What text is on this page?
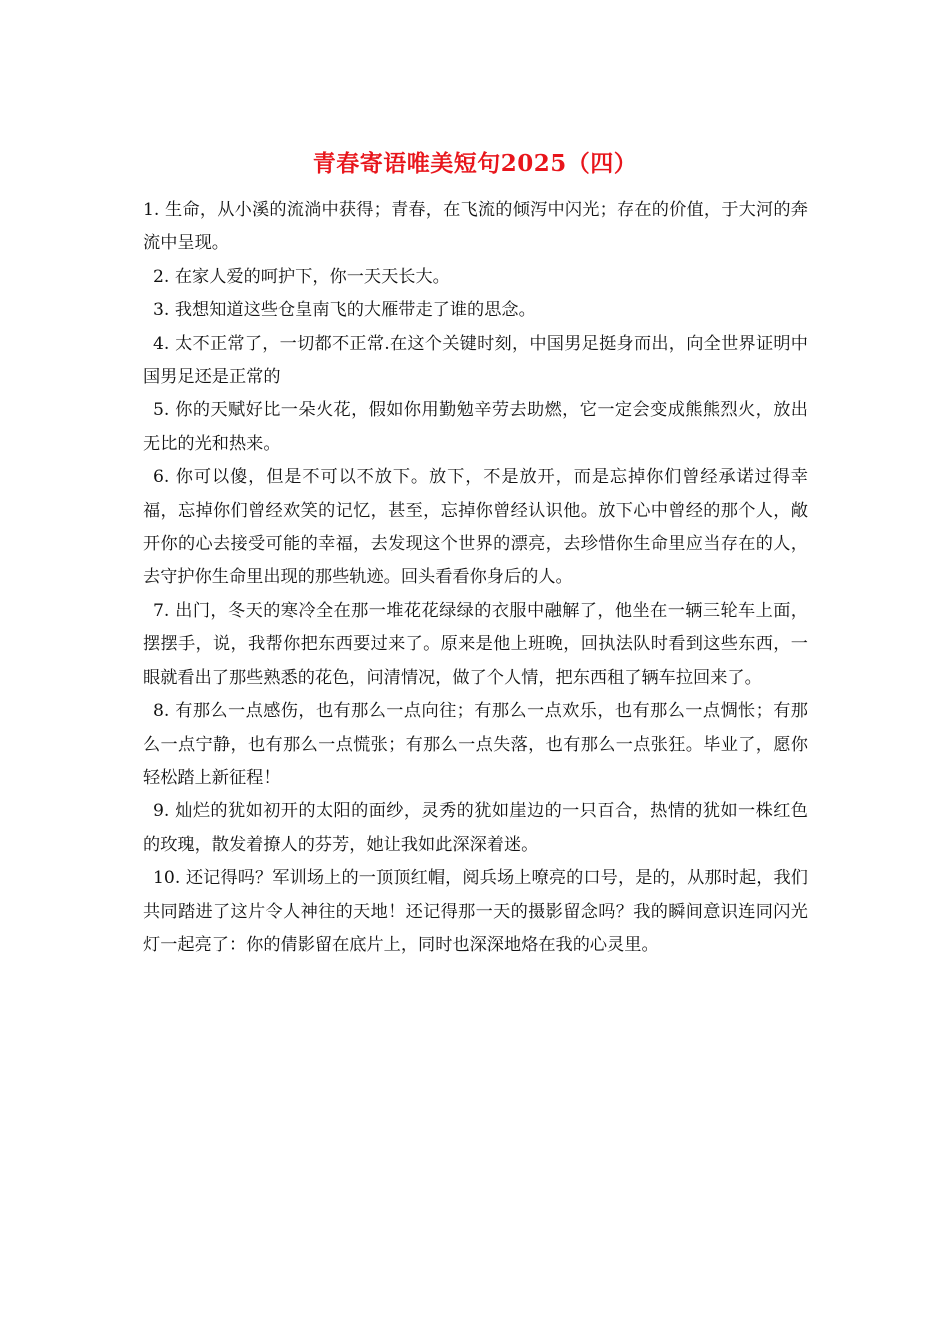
青春寄语唯美短句2025（四）

1. 生命，从小溪的流淌中获得；青春，在飞流的倾泻中闪光；存在的价值，于大河的奔流中呈现。

2. 在家人爱的呵护下，你一天天长大。

3. 我想知道这些仓皇南飞的大雁带走了谁的思念。

4. 太不正常了，一切都不正常.在这个关键时刻，中国男足挺身而出，向全世界证明中国男足还是正常的

5. 你的天赋好比一朵火花，假如你用勤勉辛劳去助燃，它一定会变成熊熊烈火，放出无比的光和热来。

6. 你可以傻，但是不可以不放下。放下，不是放开，而是忘掉你们曾经承诺过得幸福，忘掉你们曾经欢笑的记忆，甚至，忘掉你曾经认识他。放下心中曾经的那个人，敞开你的心去接受可能的幸福，去发现这个世界的漂亮，去珍惜你生命里应当存在的人，去守护你生命里出现的那些轨迹。回头看看你身后的人。

7. 出门，冬天的寒冷全在那一堆花花绿绿的衣服中融解了，他坐在一辆三轮车上面，摆摆手，说，我帮你把东西要过来了。原来是他上班晚，回执法队时看到这些东西，一眼就看出了那些熟悉的花色，问清情况，做了个人情，把东西租了辆车拉回来了。

8. 有那么一点感伤，也有那么一点向往；有那么一点欢乐，也有那么一点惆怅；有那么一点宁静，也有那么一点慌张；有那么一点失落，也有那么一点张狂。毕业了，愿你轻松踏上新征程！

9. 灿烂的犹如初开的太阳的面纱，灵秀的犹如崖边的一只百合，热情的犹如一株红色的玫瑰，散发着撩人的芬芳，她让我如此深深着迷。

10. 还记得吗？军训场上的一顶顶红帽，阅兵场上嘹亮的口号，是的，从那时起，我们共同踏进了这片令人神往的天地！还记得那一天的摄影留念吗？我的瞬间意识连同闪光灯一起亮了：你的倩影留在底片上，同时也深深地烙在我的心灵里。
